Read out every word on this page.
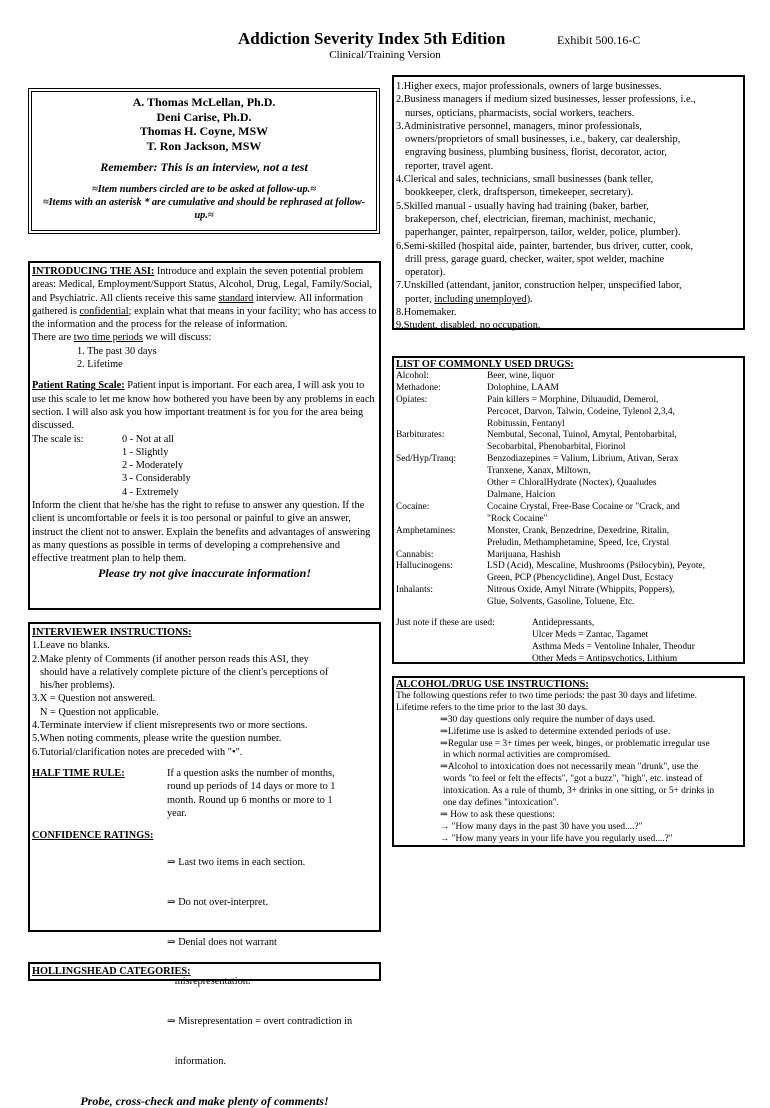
Addiction Severity Index 5th Edition	Exhibit 500.16-C
Clinical/Training Version
A. Thomas McLellan, Ph.D.
Deni Carise, Ph.D.
Thomas H. Coyne, MSW
T. Ron Jackson, MSW
Remember: This is an interview, not a test
≈Item numbers circled are to be asked at follow-up.≈
≈Items with an asterisk * are cumulative and should be rephrased at follow-up.≈
INTRODUCING THE ASI: Introduce and explain the seven potential problem areas: Medical, Employment/Support Status, Alcohol, Drug, Legal, Family/Social, and Psychiatric. All clients receive this same standard interview. All information gathered is confidential; explain what that means in your facility; who has access to the information and the process for the release of information.
There are two time periods we will discuss:
1. The past 30 days
2. Lifetime
Patient Rating Scale: Patient input is important. For each area, I will ask you to use this scale to let me know how bothered you have been by any problems in each section. I will also ask you how important treatment is for you for the area being discussed.
The scale is:	0 - Not at all
1 - Slightly
2 - Moderately
3 - Considerably
4 - Extremely
Inform the client that he/she has the right to refuse to answer any question. If the client is uncomfortable or feels it is too personal or painful to give an answer, instruct the client not to answer. Explain the benefits and advantages of answering as many questions as possible in terms of developing a comprehensive and effective treatment plan to help them.
Please try not give inaccurate information!
INTERVIEWER INSTRUCTIONS:
1.Leave no blanks.
2.Make plenty of Comments (if another person reads this ASI, they
should have a relatively complete picture of the client's perceptions of
his/her problems).
3.X = Question not answered.
N = Question not applicable.
4.Terminate interview if client misrepresents two or more sections.
5.When noting comments, please write the question number.
6.Tutorial/clarification notes are preceded with "•".
HALF TIME RULE:	If a question asks the number of months,
round up periods of 14 days or more to 1
month. Round up 6 months or more to 1
year.
CONFIDENCE RATINGS:

⇒ Last two items in each section.

⇒ Do not over-interpret.

⇒ Denial does not warrant

misrepresentation.

⇒ Misrepresentation = overt contradiction in

information.

Probe, cross-check and make plenty of comments!
HOLLINGSHEAD CATEGORIES:
1.Higher execs, major professionals, owners of large businesses.
2.Business managers if medium sized businesses, lesser professions, i.e.,
nurses, opticians, pharmacists, social workers, teachers.
3.Administrative personnel, managers, minor professionals,
owners/proprietors of small businesses, i.e., bakery, car dealership,
engraving business, plumbing business, florist, decorator, actor,
reporter, travel agent.
4.Clerical and sales, technicians, small businesses (bank teller,
bookkeeper, clerk, draftsperson, timekeeper, secretary).
5.Skilled manual - usually having had training (baker, barber,
brakeperson, chef, electrician, fireman, machinist, mechanic,
paperhanger, painter, repairperson, tailor, welder, police, plumber).
6.Semi-skilled (hospital aide, painter, bartender, bus driver, cutter, cook,
drill press, garage guard, checker, waiter, spot welder, machine
operator).
7.Unskilled (attendant, janitor, construction helper, unspecified labor,
porter, including unemployed).
8.Homemaker.
9.Student, disabled, no occupation.
LIST OF COMMONLY USED DRUGS:
Alcohol:	Beer, wine, liquor
Methadone:	Dolophine, LAAM
Opiates:	Pain killers = Morphine, Diluaudid, Demerol,
Percocet, Darvon, Talwin, Codeine, Tylenol 2,3,4,
Robitussin, Fentanyl
Barbiturates:	Nembutal, Seconal, Tuinol, Amytal, Pentobarbital,
Secobarbital, Phenobarbital, Fiorinol
Sed/Hyp/Tranq:	Benzodiazepines = Valium, Librium, Ativan, Serax
Tranxene, Xanax, Miltown,
Other = ChloralHydrate (Noctex), Quaaludes
Dalmane, Halcion
Cocaine:	Cocaine Crystal, Free-Base Cocaine or "Crack, and
"Rock Cocaine"
Amphetamines:	Monster, Crank, Benzedrine, Dexedrine, Ritalin,
Preludin, Methamphetamine, Speed, Ice, Crystal
Cannabis:	Marijuana, Hashish
Hallucinogens:	LSD (Acid), Mescaline, Mushrooms (Psilocybin), Peyote,
Green, PCP (Phencyclidine), Angel Dust, Ecstacy
Inhalants:	Nitrous Oxide, Amyl Nitrate (Whippits, Poppers),
Glue, Solvents, Gasoline, Toluene, Etc.
Just note if these are used:	Antidepressants,
Ulcer Meds = Zantac, Tagamet
Asthma Meds = Ventoline Inhaler, Theodur
Other Meds = Antipsychotics, Lithium
ALCOHOL/DRUG USE INSTRUCTIONS:
The following questions refer to two time periods: the past 30 days and lifetime.
Lifetime refers to the time prior to the last 30 days.
⇒30 day questions only require the number of days used.
⇒Lifetime use is asked to determine extended periods of use.
⇒Regular use = 3+ times per week, binges, or problematic irregular use
in which normal activities are compromised.
⇒Alcohol to intoxication does not necessarily mean "drunk", use the
words "to feel or felt the effects", "got a buzz", "high", etc. instead of
intoxication. As a rule of thumb, 3+ drinks in one sitting, or 5+ drinks in
one day defines "intoxication".
⇒ How to ask these questions:
→ "How many days in the past 30 have you used....?"
→ "How many years in your life have you regularly used....?"
